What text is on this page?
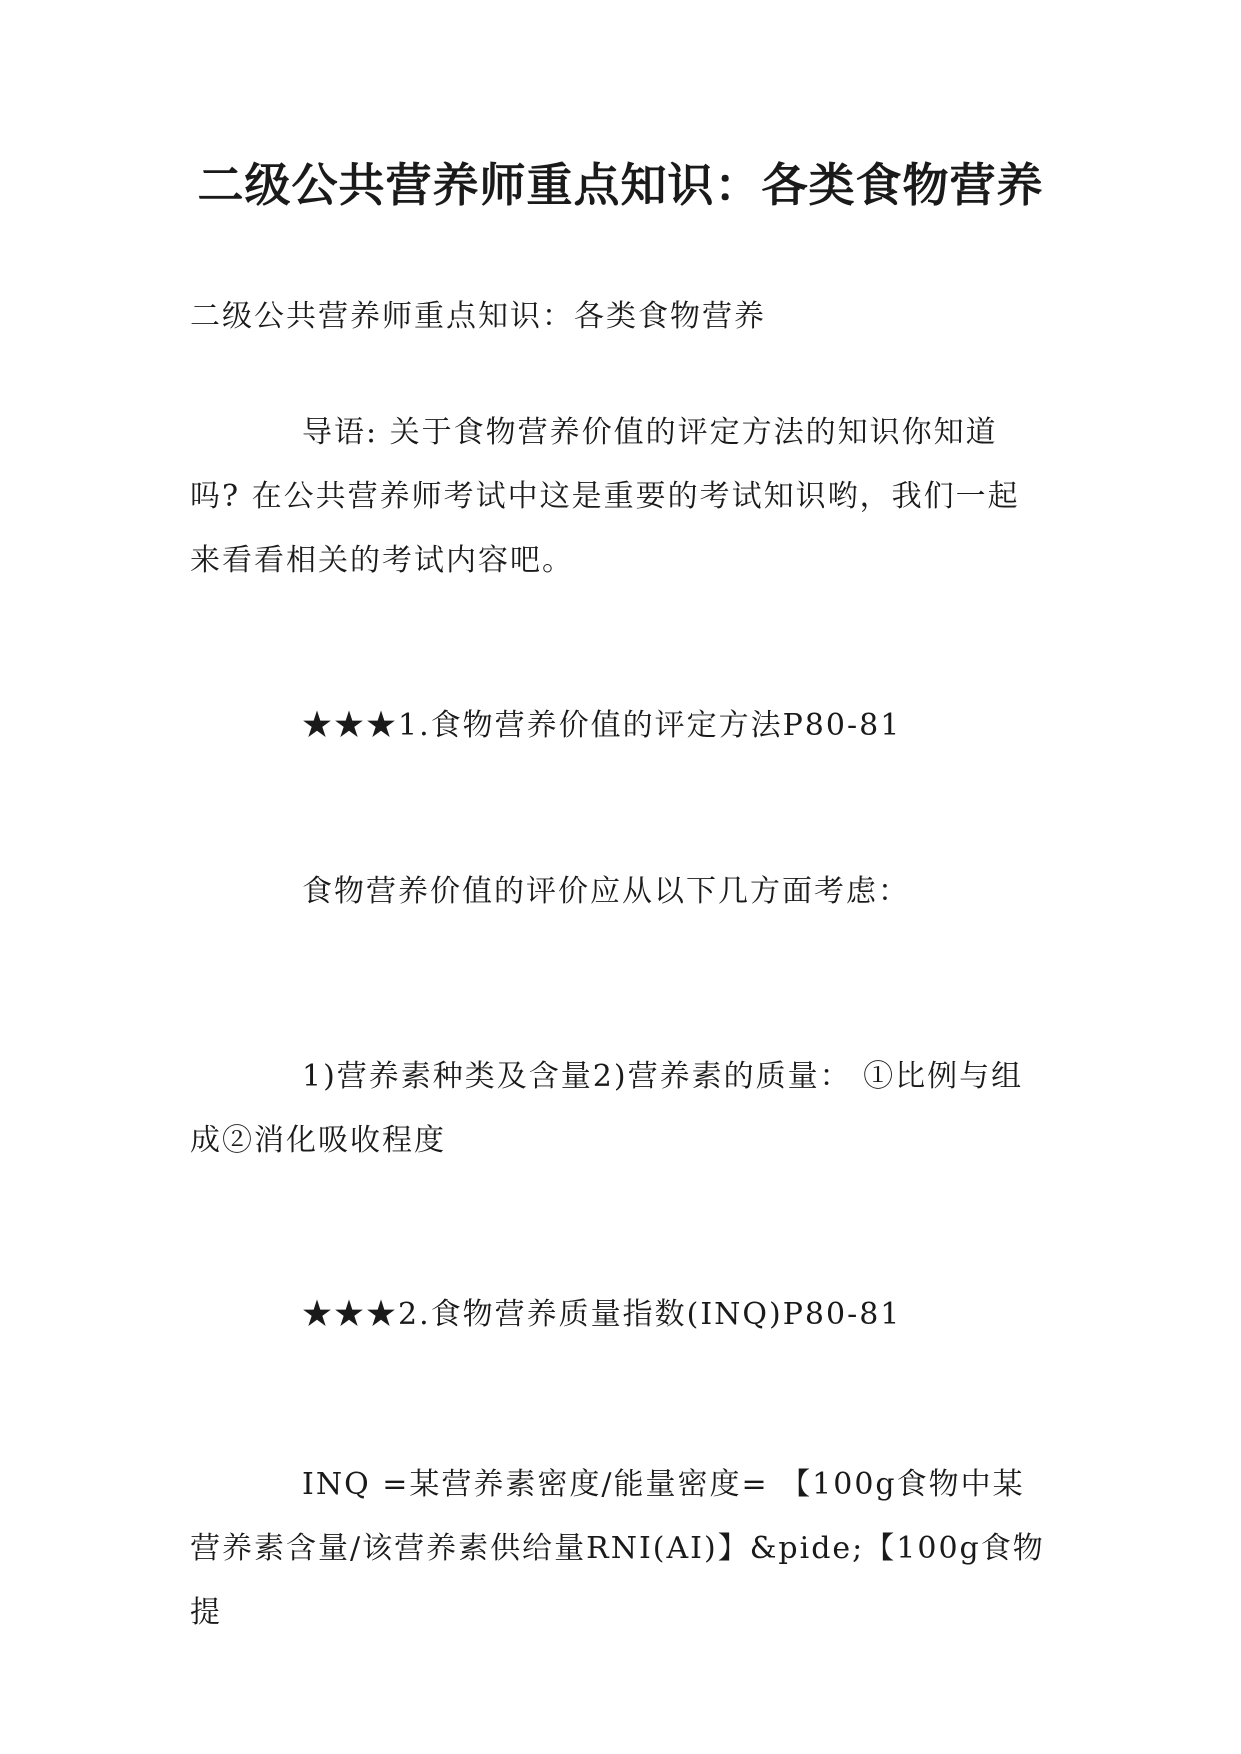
二级公共营养师重点知识：各类食物营养

二级公共营养师重点知识：各类食物营养

导语: 关于食物营养价值的评定方法的知识你知道吗? 在公共营养师考试中这是重要的考试知识哟，我们一起来看看相关的考试内容吧。

★★★1.食物营养价值的评定方法P80-81

食物营养价值的评价应从以下几方面考虑：

1)营养素种类及含量2)营养素的质量： ①比例与组成②消化吸收程度

★★★2.食物营养质量指数(INQ)P80-81

INQ =某营养素密度/能量密度= 【100g食物中某营养素含量/该营养素供给量RNI(AI)】&pide;【100g食物提
